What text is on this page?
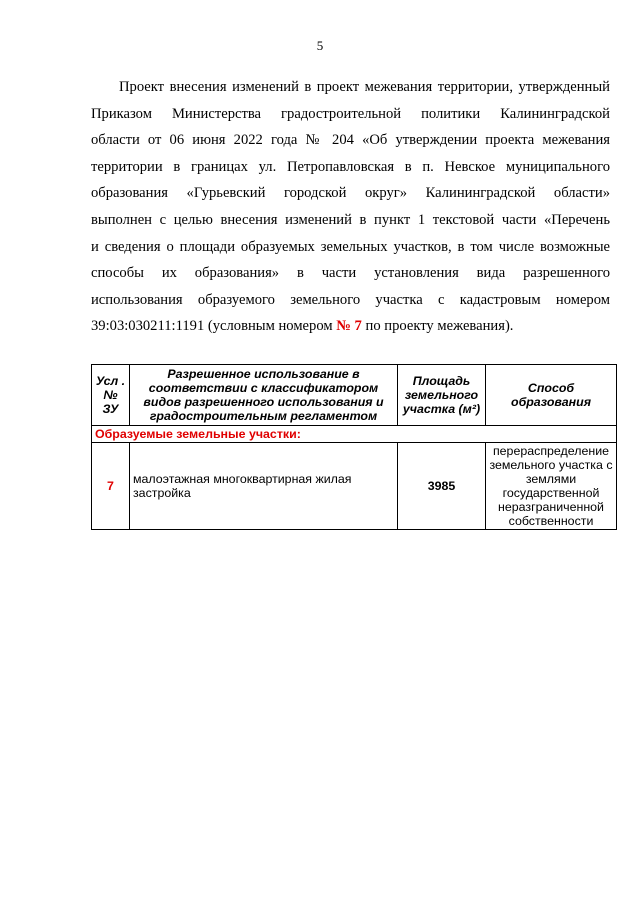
5
Проект внесения изменений в проект межевания территории, утвержденный
Приказом Министерства градостроительной политики Калининградской
области от 06 июня 2022 года № 204 «Об утверждении проекта межевания
территории в границах ул. Петропавловская в п. Невское муниципального
образования «Гурьевский городской округ» Калининградской области»
выполнен с целью внесения изменений в пункт 1 текстовой части «Перечень
и сведения о площади образуемых земельных участков, в том числе возможные
способы их образования» в части установления вида разрешенного
использования образуемого земельного участка с кадастровым номером
39:03:030211:1191 (условным номером № 7 по проекту межевания).
Усл . № ЗУ	Разрешенное использование в соответствии с классификатором видов разрешенного использования и градостроительным регламентом	Площадь земельного участка (м²)	Способ образования
Образуемые земельные участки:			
7	малоэтажная многоквартирная жилая застройка	3985	перераспределение земельного участка с землями государственной неразграниченной собственности
